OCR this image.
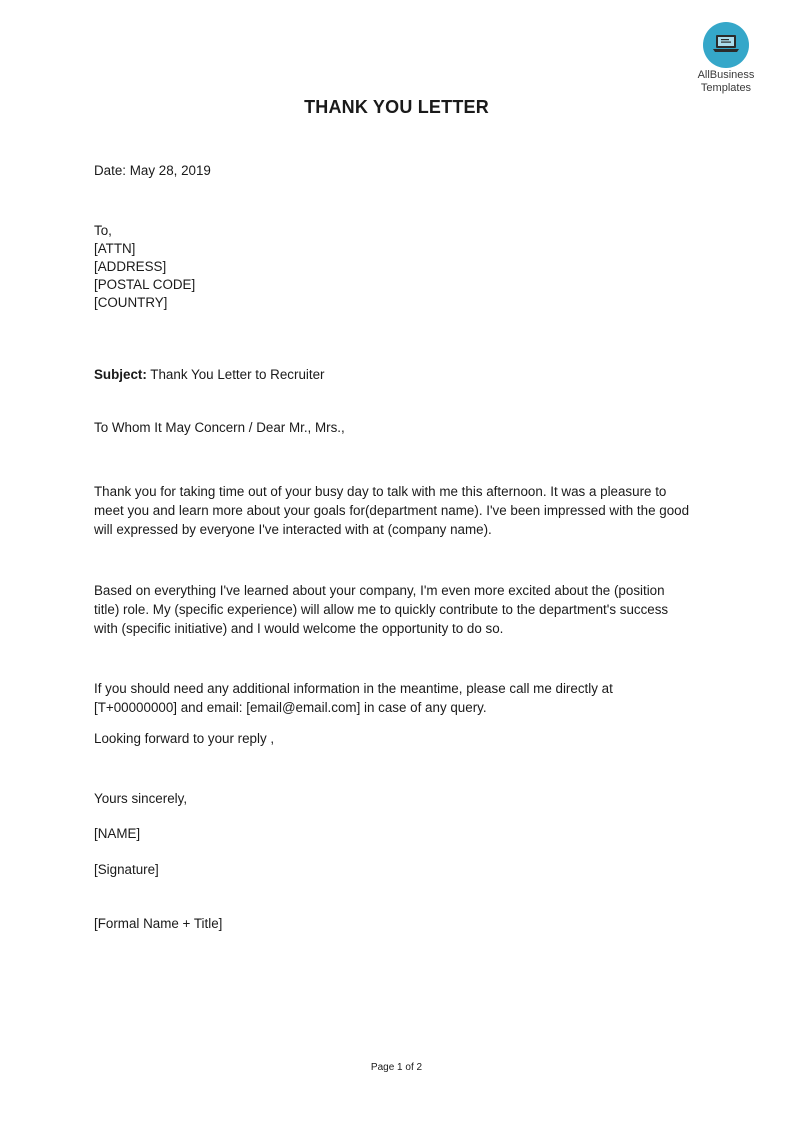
AllBusiness
Templates
THANK YOU LETTER
Date: May 28, 2019
To,
[ATTN]
[ADDRESS]
[POSTAL CODE]
[COUNTRY]
Subject: Thank You Letter to Recruiter
To Whom It May Concern / Dear Mr., Mrs.,
Thank you for taking time out of your busy day to talk with me this afternoon. It was a pleasure to
meet you and learn more about your goals for(department name). I've been impressed with the good
will expressed by everyone I've interacted with at (company name).
Based on everything I've learned about your company, I'm even more excited about the (position
title) role. My (specific experience) will allow me to quickly contribute to the department's success
with (specific initiative) and I would welcome the opportunity to do so.
If you should need any additional information in the meantime, please call me directly at
[T+00000000] and email: [email@email.com] in case of any query.
Looking forward to your reply ,
Yours sincerely,
[NAME]
[Signature]
[Formal Name + Title]
Page 1 of 2
